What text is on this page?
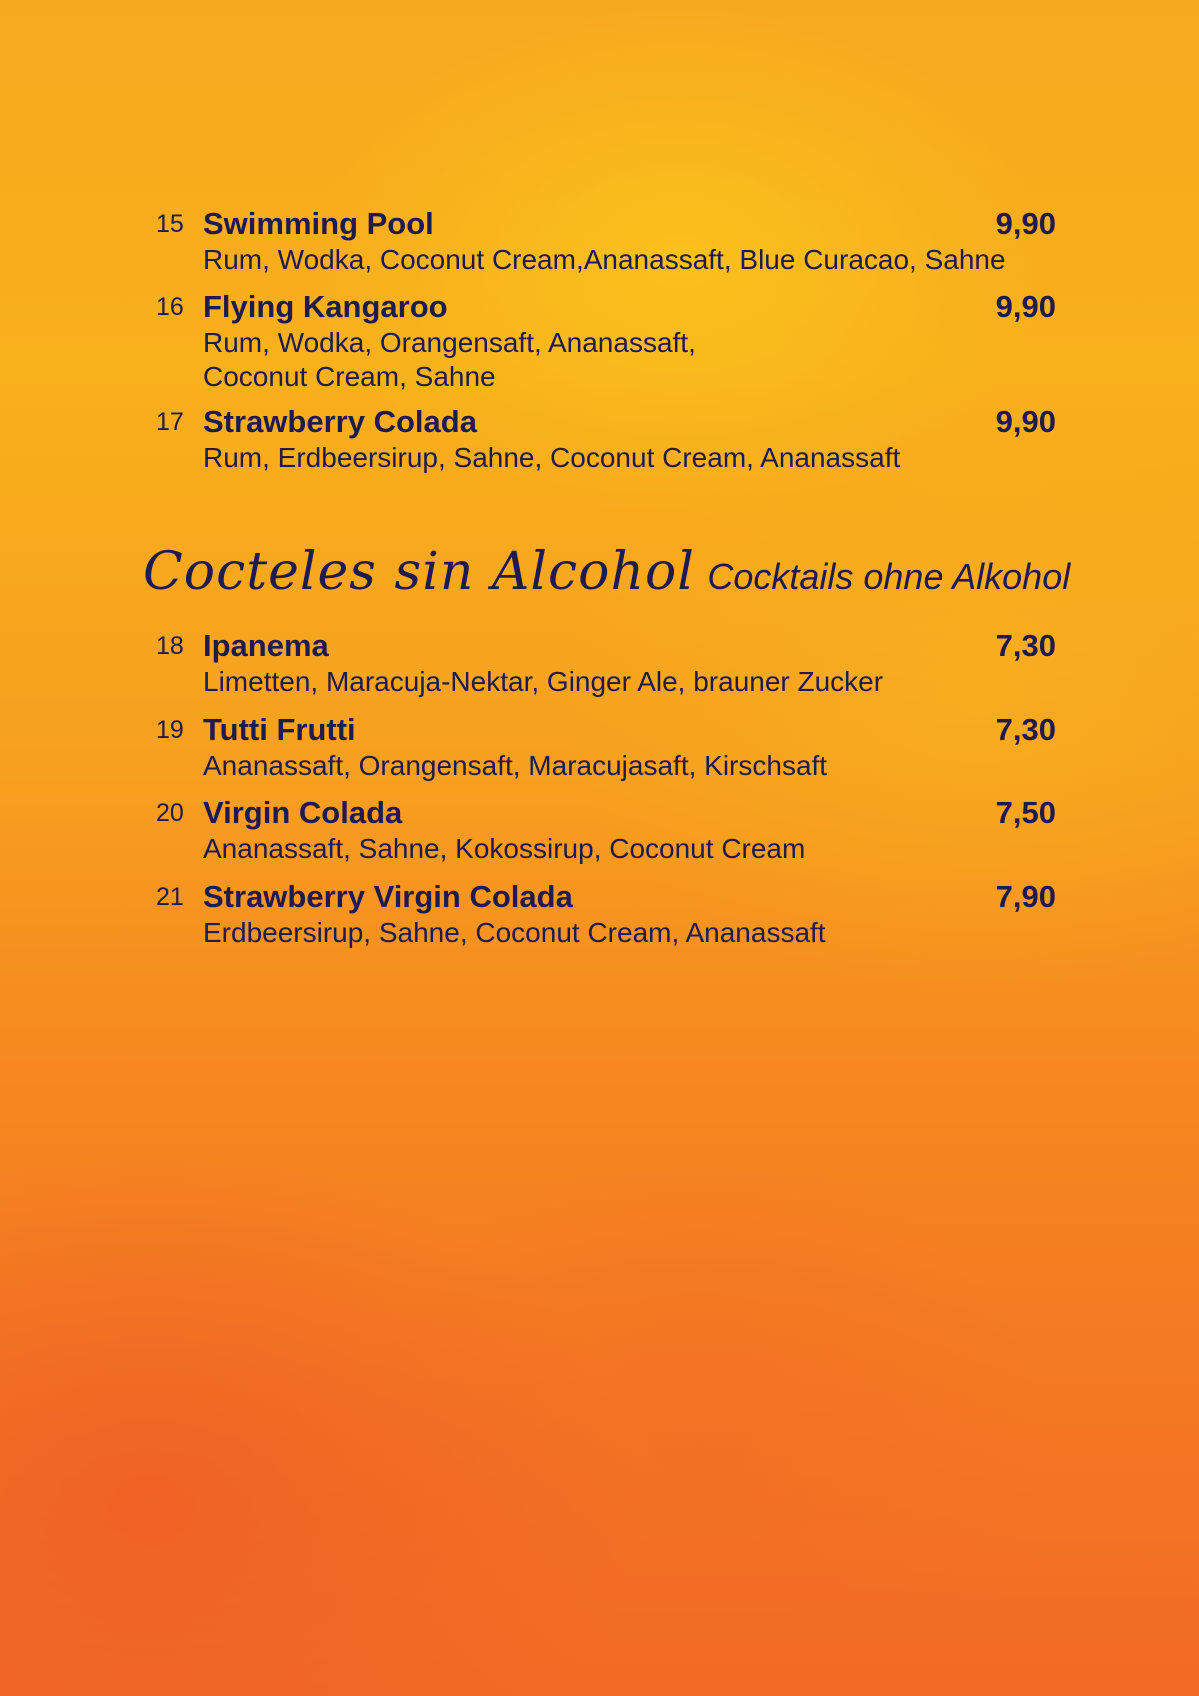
15 Swimming Pool	9,90
Rum, Wodka, Coconut Cream,Ananassaft, Blue Curacao, Sahne
16 Flying Kangaroo	9,90
Rum, Wodka, Orangensaft, Ananassaft,
Coconut Cream, Sahne
17 Strawberry Colada	9,90
Rum, Erdbeersirup, Sahne, Coconut Cream, Ananassaft
Cocteles sin Alcohol Cocktails ohne Alkohol
18 Ipanema	7,30
Limetten, Maracuja-Nektar, Ginger Ale, brauner Zucker
19 Tutti Frutti	7,30
Ananassaft, Orangensaft, Maracujasaft, Kirschsaft
20 Virgin Colada	7,50
Ananassaft, Sahne, Kokossirup, Coconut Cream
21 Strawberry Virgin Colada	7,90
Erdbeersirup, Sahne, Coconut Cream, Ananassaft
